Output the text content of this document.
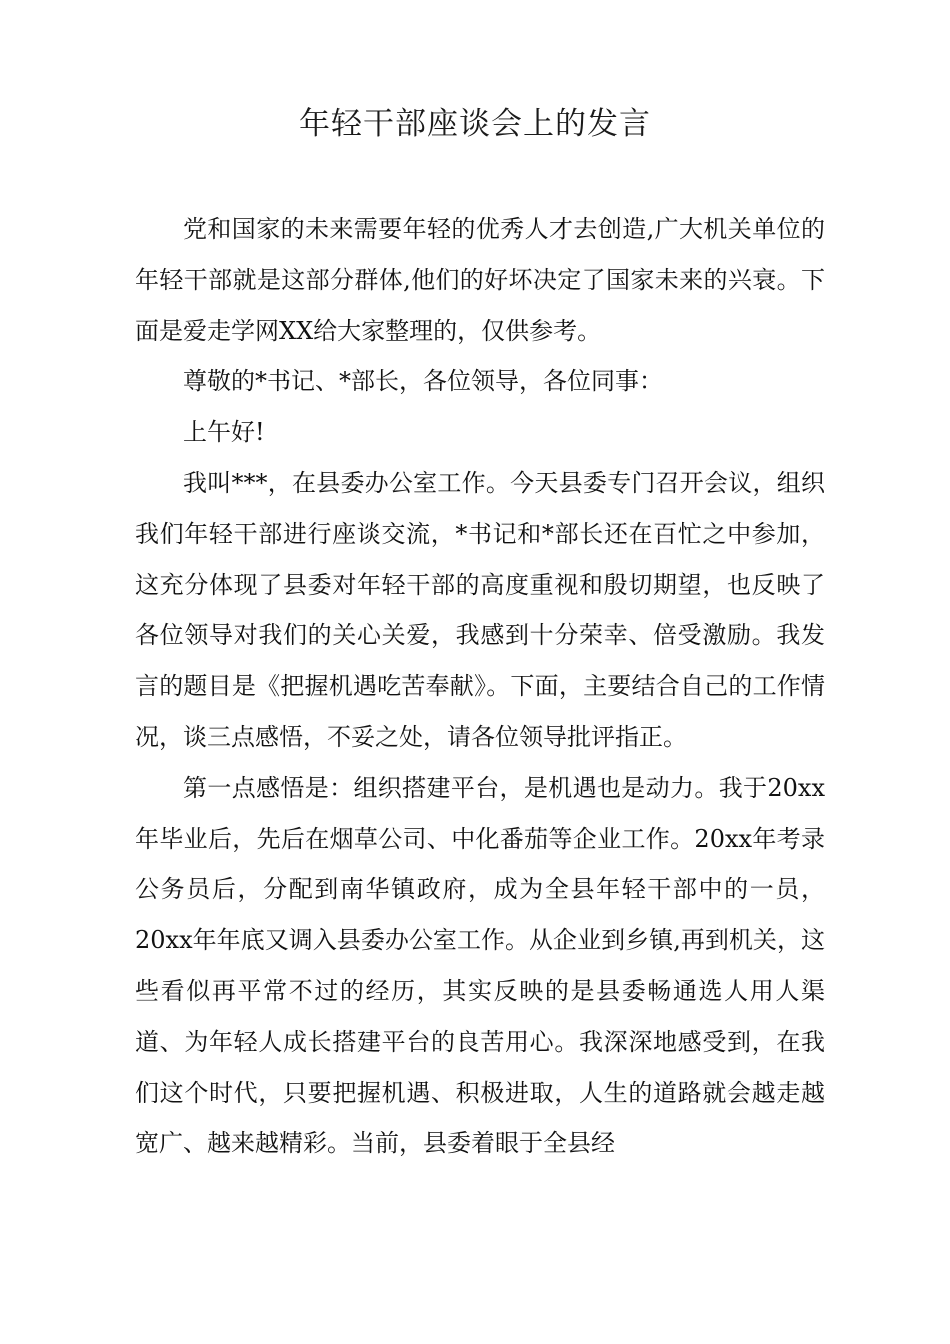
年轻干部座谈会上的发言

党和国家的未来需要年轻的优秀人才去创造,广大机关单位的年轻干部就是这部分群体,他们的好坏决定了国家未来的兴衰。下面是爱走学网XX给大家整理的，仅供参考。

尊敬的*书记、*部长，各位领导，各位同事：

上午好!

我叫***，在县委办公室工作。今天县委专门召开会议，组织我们年轻干部进行座谈交流，*书记和*部长还在百忙之中参加，这充分体现了县委对年轻干部的高度重视和殷切期望，也反映了各位领导对我们的关心关爱，我感到十分荣幸、倍受激励。我发言的题目是《把握机遇吃苦奉献》。下面，主要结合自己的工作情况，谈三点感悟，不妥之处，请各位领导批评指正。

第一点感悟是：组织搭建平台，是机遇也是动力。我于20xx年毕业后，先后在烟草公司、中化番茄等企业工作。20xx年考录公务员后，分配到南华镇政府，成为全县年轻干部中的一员，20xx年年底又调入县委办公室工作。从企业到乡镇,再到机关，这些看似再平常不过的经历，其实反映的是县委畅通选人用人渠道、为年轻人成长搭建平台的良苦用心。我深深地感受到，在我们这个时代，只要把握机遇、积极进取，人生的道路就会越走越宽广、越来越精彩。当前，县委着眼于全县经
